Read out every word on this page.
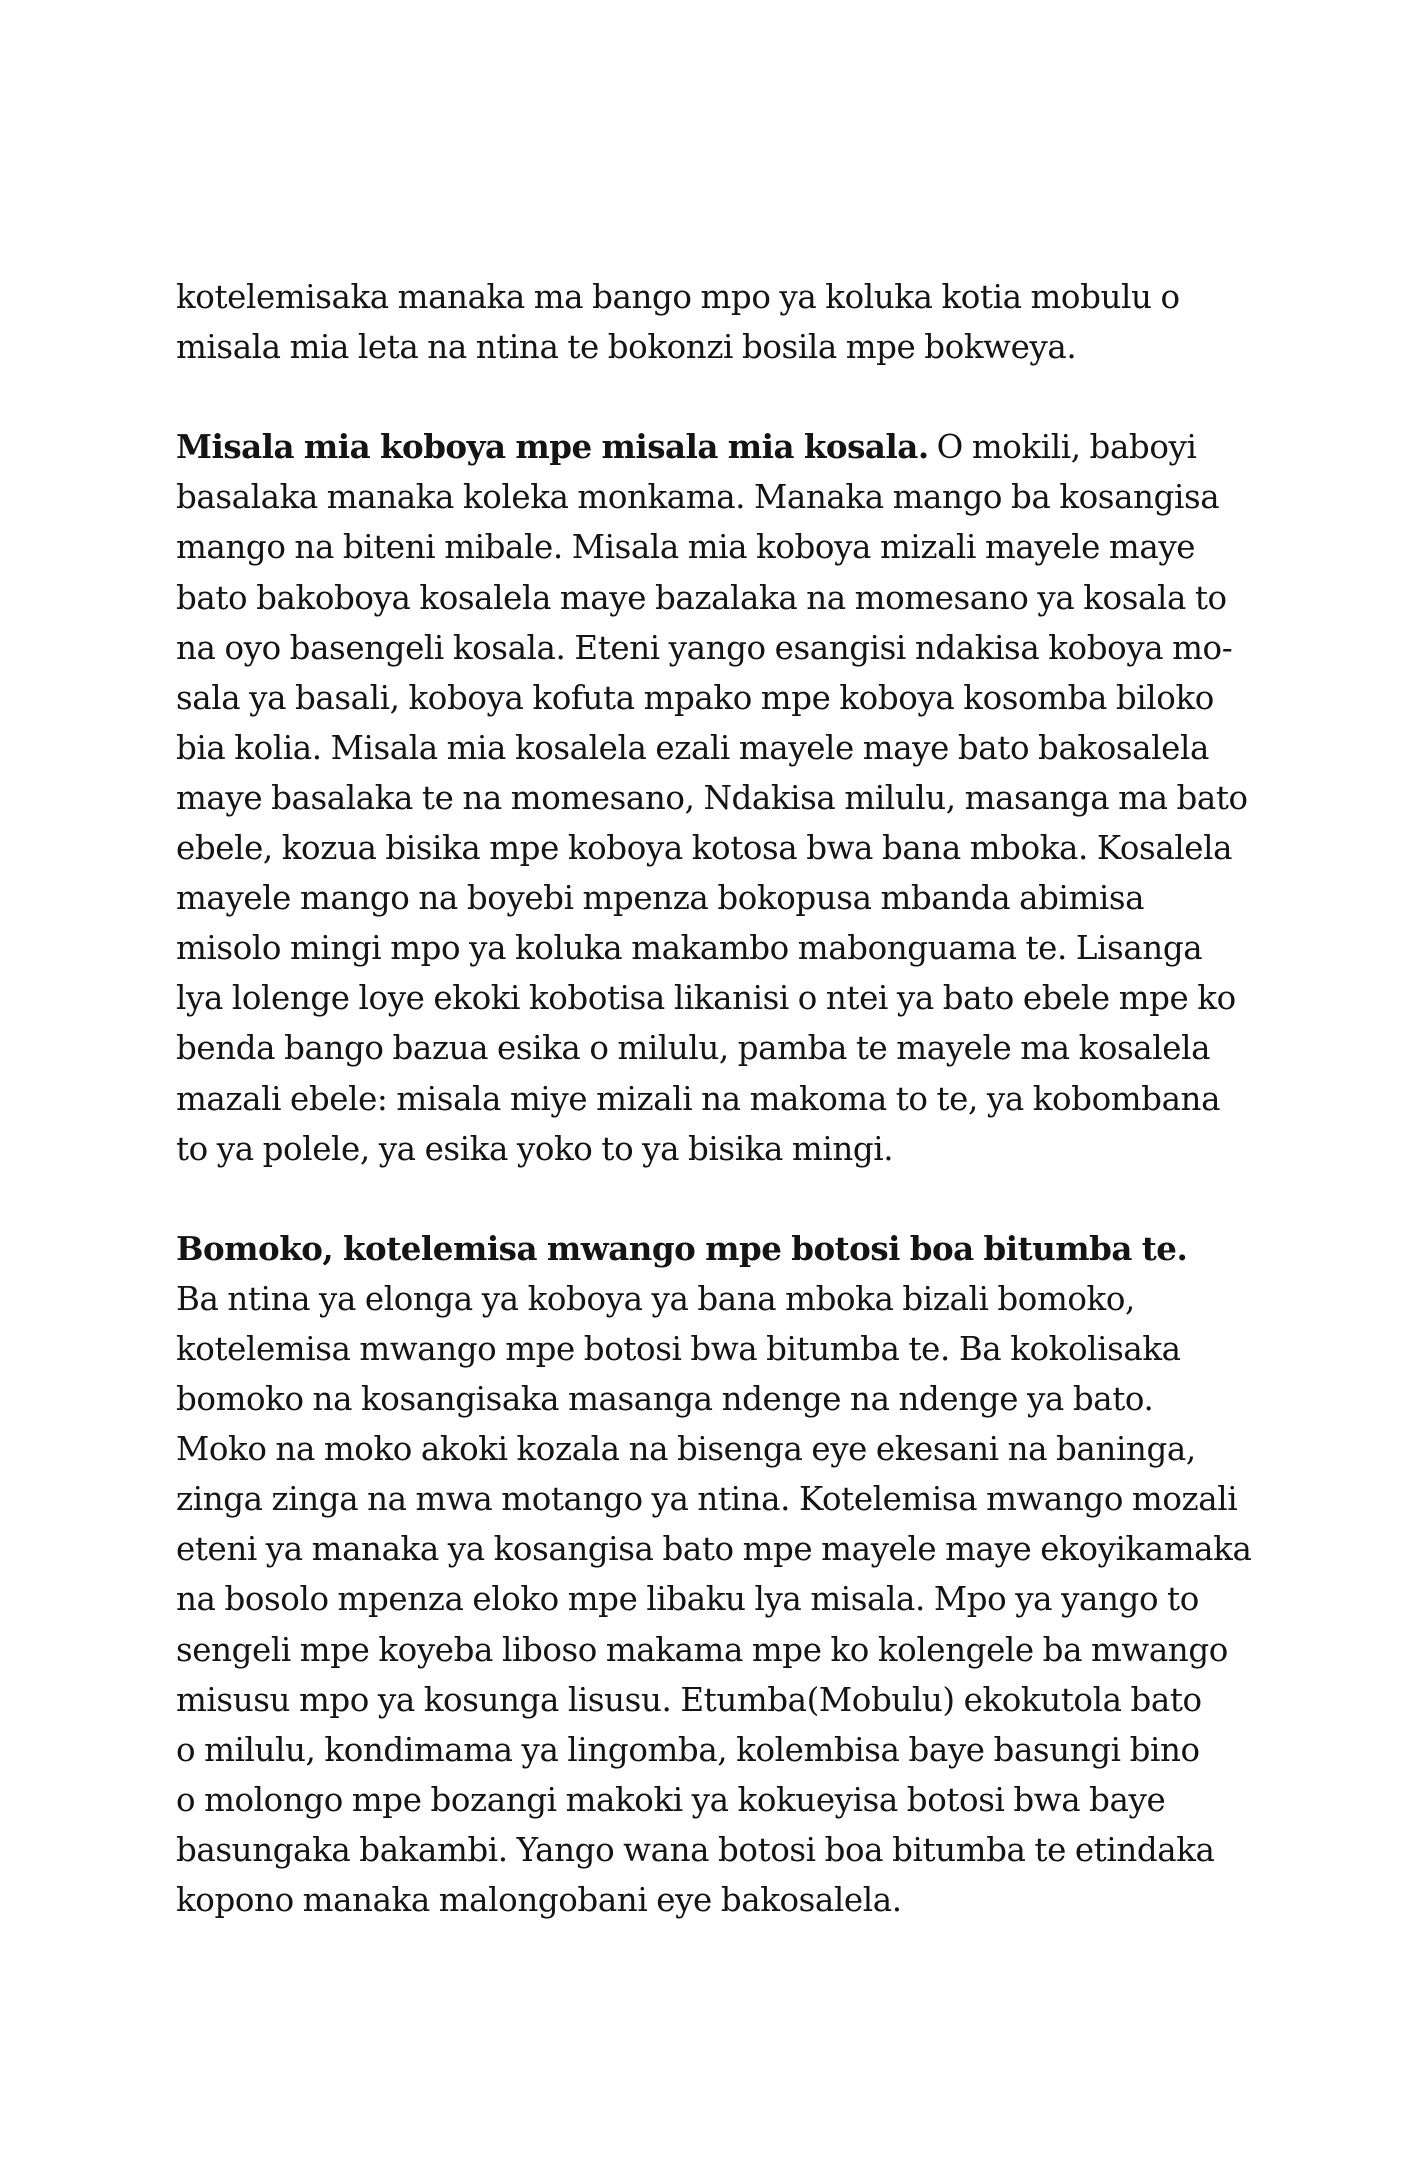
kotelemisaka manaka ma bango mpo ya koluka kotia mobulu o
misala mia leta na ntina te bokonzi bosila mpe bokweya.
Misala mia koboya mpe misala mia kosala. O mokili, baboyi
basalaka manaka koleka monkama. Manaka mango ba kosangisa
mango na biteni mibale. Misala mia koboya mizali mayele maye
bato bakoboya kosalela maye bazalaka na momesano ya kosala to
na oyo basengeli kosala. Eteni yango esangisi ndakisa koboya mo-
sala ya basali, koboya kofuta mpako mpe koboya kosomba biloko
bia kolia. Misala mia kosalela ezali mayele maye bato bakosalela
maye basalaka te na momesano, Ndakisa milulu, masanga ma bato
ebele, kozua bisika mpe koboya kotosa bwa bana mboka. Kosalela
mayele mango na boyebi mpenza bokopusa mbanda abimisa
misolo mingi mpo ya koluka makambo mabonguama te. Lisanga
lya lolenge loye ekoki kobotisa likanisi o ntei ya bato ebele mpe ko
benda bango bazua esika o milulu, pamba te mayele ma kosalela
mazali ebele: misala miye mizali na makoma to te, ya kobombana
to ya polele, ya esika yoko to ya bisika mingi.
Bomoko, kotelemisa mwango mpe botosi boa bitumba te.
Ba ntina ya elonga ya koboya ya bana mboka bizali bomoko,
kotelemisa mwango mpe botosi bwa bitumba te. Ba kokolisaka
bomoko na kosangisaka masanga ndenge na ndenge ya bato.
Moko na moko akoki kozala na bisenga eye ekesani na baninga,
zinga zinga na mwa motango ya ntina. Kotelemisa mwango mozali
eteni ya manaka ya kosangisa bato mpe mayele maye ekoyikamaka
na bosolo mpenza eloko mpe libaku lya misala. Mpo ya yango to
sengeli mpe koyeba liboso makama mpe ko kolengele ba mwango
misusu mpo ya kosunga lisusu. Etumba(Mobulu) ekokutola bato
o milulu, kondimama ya lingomba, kolembisa baye basungi bino
o molongo mpe bozangi makoki ya kokueyisa botosi bwa baye
basungaka bakambi. Yango wana botosi boa bitumba te etindaka
kopono manaka malongobani eye bakosalela.
